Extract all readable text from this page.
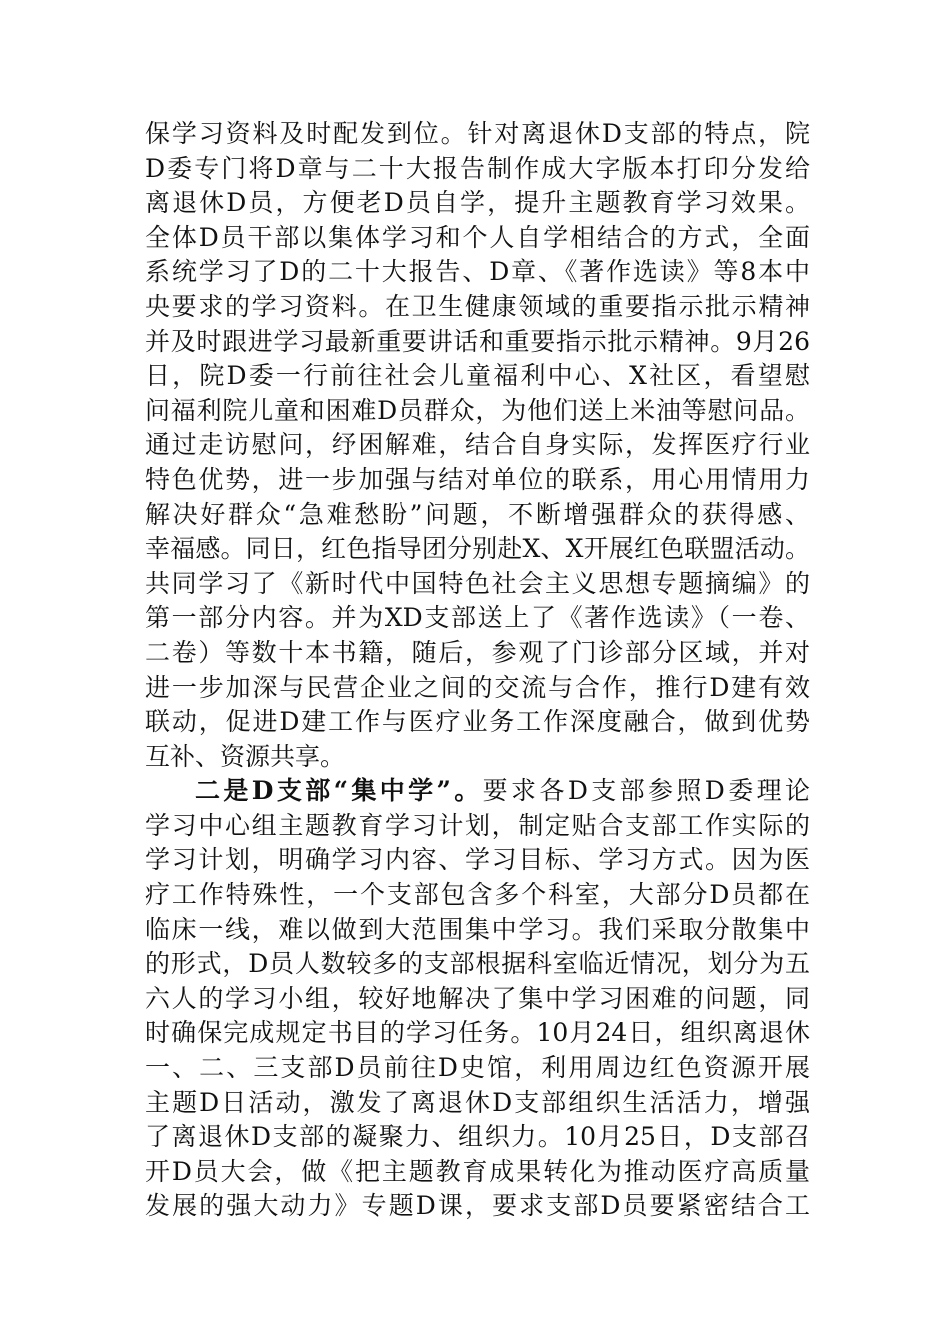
保学习资料及时配发到位。针对离退休D支部的特点，院
D委专门将D章与二十大报告制作成大字版本打印分发给
离退休D员，方便老D员自学，提升主题教育学习效果。
全体D员干部以集体学习和个人自学相结合的方式，全面
系统学习了D的二十大报告、D章、《著作选读》等8本中
央要求的学习资料。在卫生健康领域的重要指示批示精神
并及时跟进学习最新重要讲话和重要指示批示精神。9月26
日，院D委一行前往社会儿童福利中心、X社区，看望慰
问福利院儿童和困难D员群众，为他们送上米油等慰问品。
通过走访慰问，纾困解难，结合自身实际，发挥医疗行业
特色优势，进一步加强与结对单位的联系，用心用情用力
解决好群众“急难愁盼”问题，不断增强群众的获得感、
幸福感。同日，红色指导团分别赴X、X开展红色联盟活动。
共同学习了《新时代中国特色社会主义思想专题摘编》的
第一部分内容。并为XD支部送上了《著作选读》（一卷、
二卷）等数十本书籍，随后，参观了门诊部分区域，并对
进一步加深与民营企业之间的交流与合作，推行D建有效
联动，促进D建工作与医疗业务工作深度融合，做到优势
互补、资源共享。
二是D支部“集中学”。要求各D支部参照D委理论
学习中心组主题教育学习计划，制定贴合支部工作实际的
学习计划，明确学习内容、学习目标、学习方式。因为医
疗工作特殊性，一个支部包含多个科室，大部分D员都在
临床一线，难以做到大范围集中学习。我们采取分散集中
的形式，D员人数较多的支部根据科室临近情况，划分为五
六人的学习小组，较好地解决了集中学习困难的问题，同
时确保完成规定书目的学习任务。10月24日，组织离退休
一、二、三支部D员前往D史馆，利用周边红色资源开展
主题D日活动，激发了离退休D支部组织生活活力，增强
了离退休D支部的凝聚力、组织力。10月25日，D支部召
开D员大会，做《把主题教育成果转化为推动医疗高质量
发展的强大动力》专题D课，要求支部D员要紧密结合工
